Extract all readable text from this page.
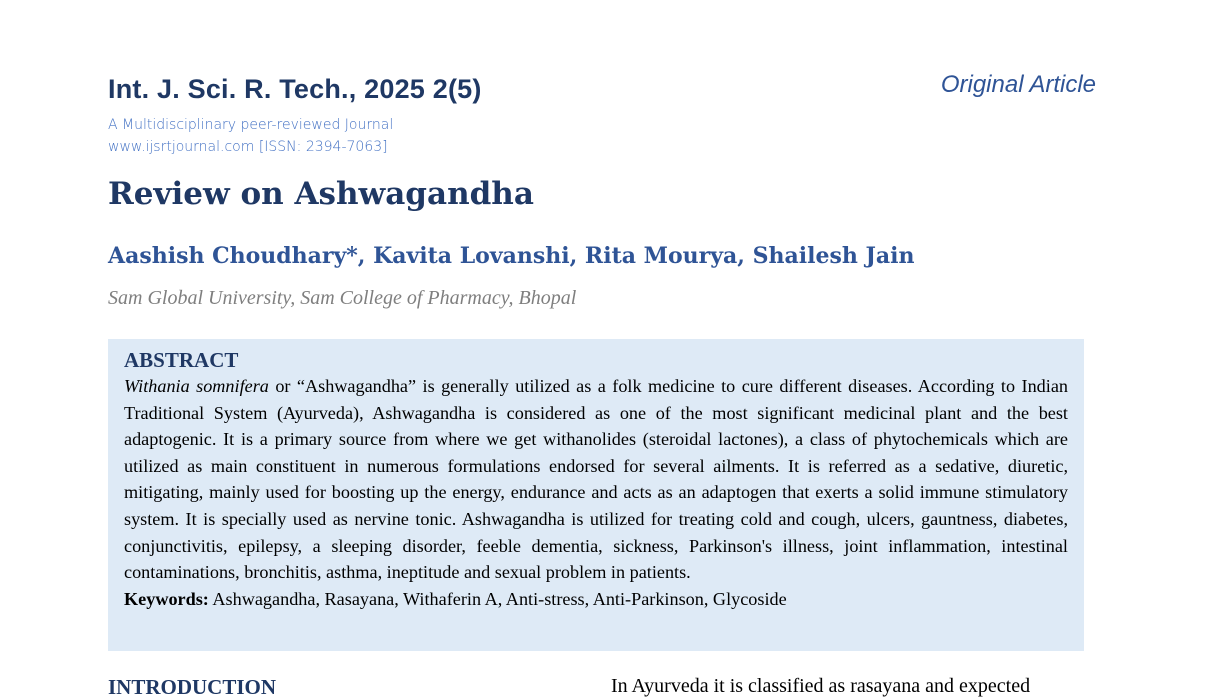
Int. J. Sci. R. Tech., 2025 2(5)	Original Article
A Multidisciplinary peer-reviewed Journal
www.ijsrtjournal.com [ISSN: 2394-7063]
Review on Ashwagandha
Aashish Choudhary*, Kavita Lovanshi, Rita Mourya, Shailesh Jain
Sam Global University, Sam College of Pharmacy, Bhopal
ABSTRACT

Withania somnifera or “Ashwagandha” is generally utilized as a folk medicine to cure different diseases. According to Indian Traditional System (Ayurveda), Ashwagandha is considered as one of the most significant medicinal plant and the best adaptogenic. It is a primary source from where we get withanolides (steroidal lactones), a class of phytochemicals which are utilized as main constituent in numerous formulations endorsed for several ailments. It is referred as a sedative, diuretic, mitigating, mainly used for boosting up the energy, endurance and acts as an adaptogen that exerts a solid immune stimulatory system. It is specially used as nervine tonic. Ashwagandha is utilized for treating cold and cough, ulcers, gauntness, diabetes, conjunctivitis, epilepsy, a sleeping disorder, feeble dementia, sickness, Parkinson's illness, joint inflammation, intestinal contaminations, bronchitis, asthma, ineptitude and sexual problem in patients.

Keywords: Ashwagandha, Rasayana, Withaferin A, Anti-stress, Anti-Parkinson, Glycoside

INTRODUCTION	In Ayurveda it is classified as rasayana and expected
